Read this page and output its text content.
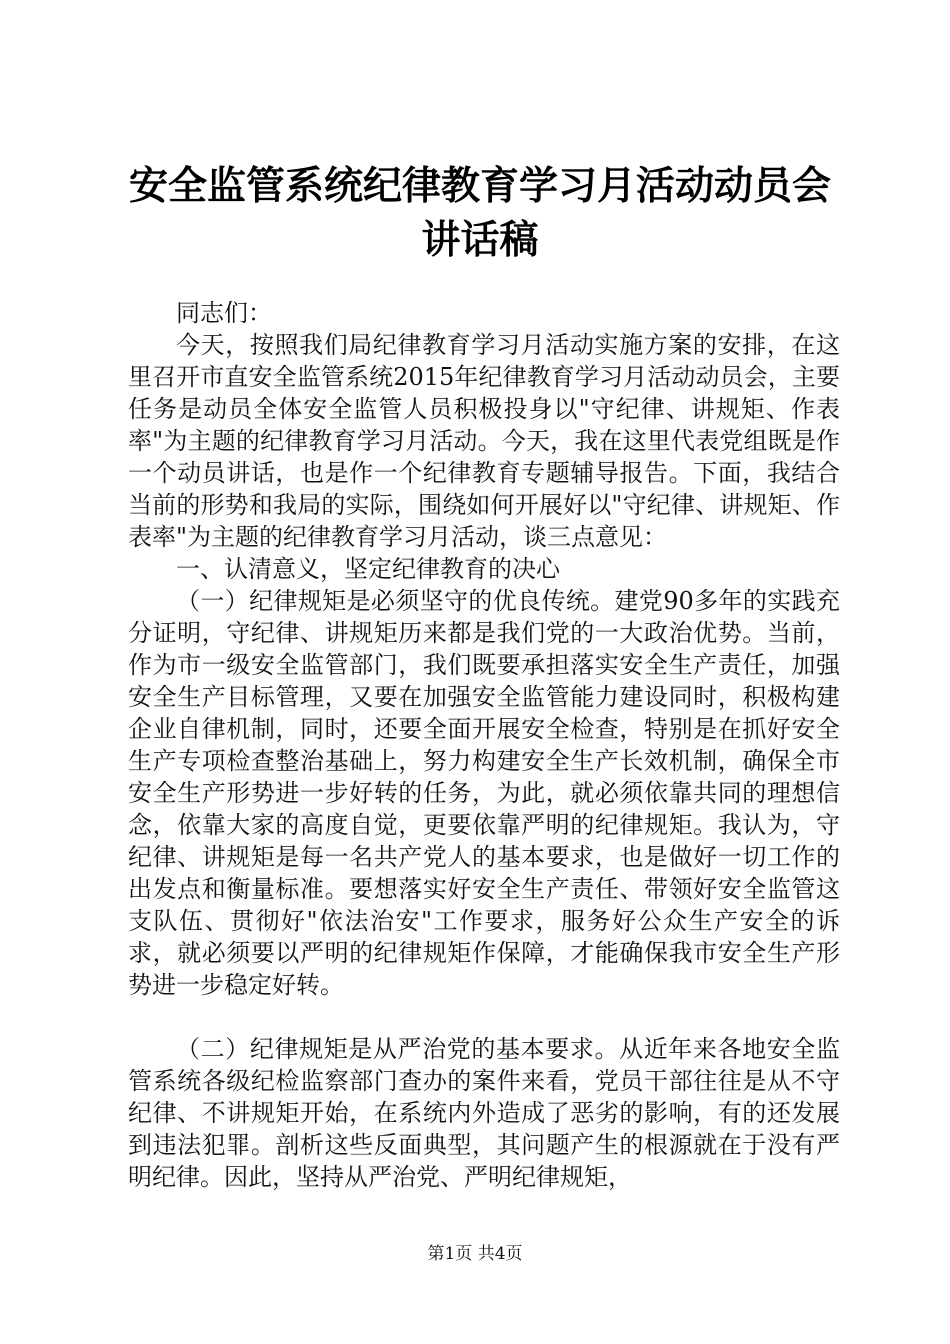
安全监管系统纪律教育学习月活动动员会讲话稿

同志们：

今天，按照我们局纪律教育学习月活动实施方案的安排，在这里召开市直安全监管系统2015年纪律教育学习月活动动员会，主要任务是动员全体安全监管人员积极投身以"守纪律、讲规矩、作表率"为主题的纪律教育学习月活动。今天，我在这里代表党组既是作一个动员讲话，也是作一个纪律教育专题辅导报告。下面，我结合当前的形势和我局的实际，围绕如何开展好以"守纪律、讲规矩、作表率"为主题的纪律教育学习月活动，谈三点意见：

一、认清意义，坚定纪律教育的决心

（一）纪律规矩是必须坚守的优良传统。建党90多年的实践充分证明，守纪律、讲规矩历来都是我们党的一大政治优势。当前，作为市一级安全监管部门，我们既要承担落实安全生产责任，加强安全生产目标管理，又要在加强安全监管能力建设同时，积极构建企业自律机制，同时，还要全面开展安全检查，特别是在抓好安全生产专项检查整治基础上，努力构建安全生产长效机制，确保全市安全生产形势进一步好转的任务，为此，就必须依靠共同的理想信念，依靠大家的高度自觉，更要依靠严明的纪律规矩。我认为，守纪律、讲规矩是每一名共产党人的基本要求，也是做好一切工作的出发点和衡量标准。要想落实好安全生产责任、带领好安全监管这支队伍、贯彻好"依法治安"工作要求，服务好公众生产安全的诉求，就必须要以严明的纪律规矩作保障，才能确保我市安全生产形势进一步稳定好转。

（二）纪律规矩是从严治党的基本要求。从近年来各地安全监管系统各级纪检监察部门查办的案件来看，党员干部往往是从不守纪律、不讲规矩开始，在系统内外造成了恶劣的影响，有的还发展到违法犯罪。剖析这些反面典型，其问题产生的根源就在于没有严明纪律。因此，坚持从严治党、严明纪律规矩，

第1页 共4页
